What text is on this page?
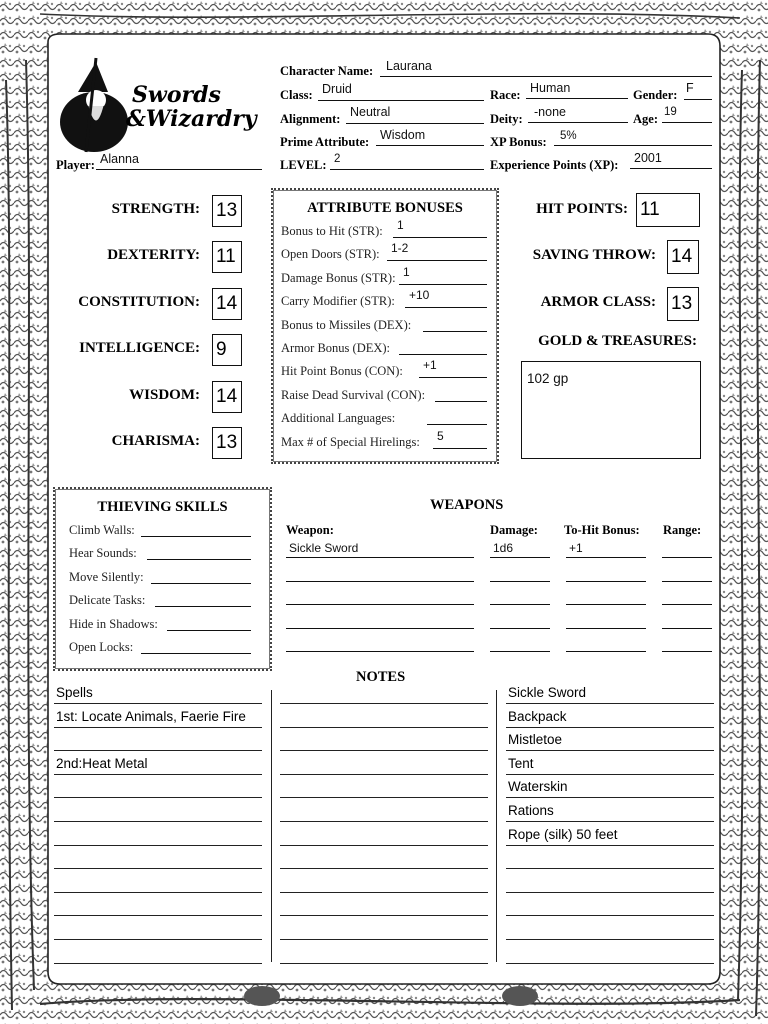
Swords
&Wizardry
Character Name: Laurana
Class: Druid	Race: Human	Gender: F
Alignment: Neutral	Deity: -none	Age: 19
Prime Attribute: Wisdom	XP Bonus: 5%
Player: Alanna	LEVEL: 2	Experience Points (XP): 2001
STRENGTH: 13
DEXTERITY: 11
CONSTITUTION: 14
INTELLIGENCE: 9
WISDOM: 14
CHARISMA: 13
ATTRIBUTE BONUSES
Bonus to Hit (STR): 1
Open Doors (STR): 1-2
Damage Bonus (STR): 1
Carry Modifier (STR): +10
Bonus to Missiles (DEX):
Armor Bonus (DEX):
Hit Point Bonus (CON): +1
Raise Dead Survival (CON):
Additional Languages:
Max # of Special Hirelings: 5
HIT POINTS: 11
SAVING THROW: 14
ARMOR CLASS: 13
GOLD & TREASURES:
102 gp
THIEVING SKILLS
Climb Walls:
Hear Sounds:
Move Silently:
Delicate Tasks:
Hide in Shadows:
Open Locks:
WEAPONS
Weapon:	Damage: To-Hit Bonus: Range:
Sickle Sword	1d6	+1
NOTES
Spells	Sickle Sword
1st: Locate Animals, Faerie Fire	Backpack
Mistletoe
2nd:Heat Metal	Tent
Waterskin
Rations
Rope (silk) 50 feet
